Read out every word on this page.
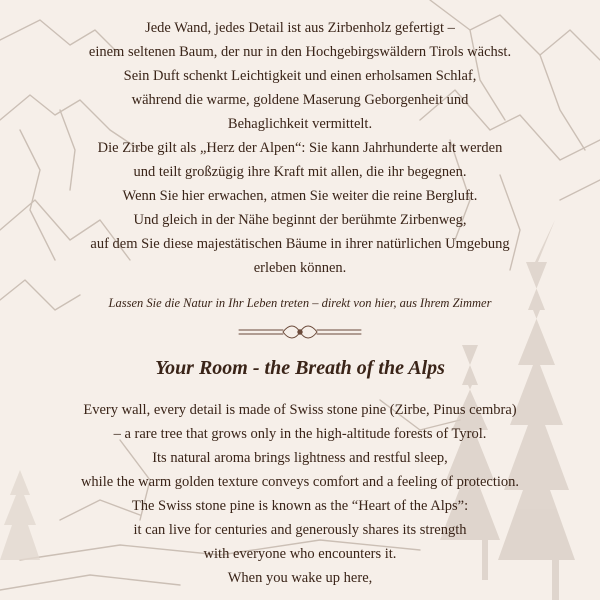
Jede Wand, jedes Detail ist aus Zirbenholz gefertigt –
einem seltenen Baum, der nur in den Hochgebirgswäldern Tirols wächst.
Sein Duft schenkt Leichtigkeit und einen erholsamen Schlaf,
während die warme, goldene Maserung Geborgenheit und
Behaglichkeit vermittelt.
Die Zirbe gilt als „Herz der Alpen“: Sie kann Jahrhunderte alt werden
und teilt großzügig ihre Kraft mit allen, die ihr begegnen.
Wenn Sie hier erwachen, atmen Sie weiter die reine Bergluft.
Und gleich in der Nähe beginnt der berühmte Zirbenweg,
auf dem Sie diese majestätischen Bäume in ihrer natürlichen Umgebung
erleben können.
Lassen Sie die Natur in Ihr Leben treten – direkt von hier, aus Ihrem Zimmer
Your Room - the Breath of the Alps
Every wall, every detail is made of Swiss stone pine (Zirbe, Pinus cembra)
– a rare tree that grows only in the high-altitude forests of Tyrol.
Its natural aroma brings lightness and restful sleep,
while the warm golden texture conveys comfort and a feeling of protection.
The Swiss stone pine is known as the “Heart of the Alps”:
it can live for centuries and generously shares its strength
with everyone who encounters it.
When you wake up here,
